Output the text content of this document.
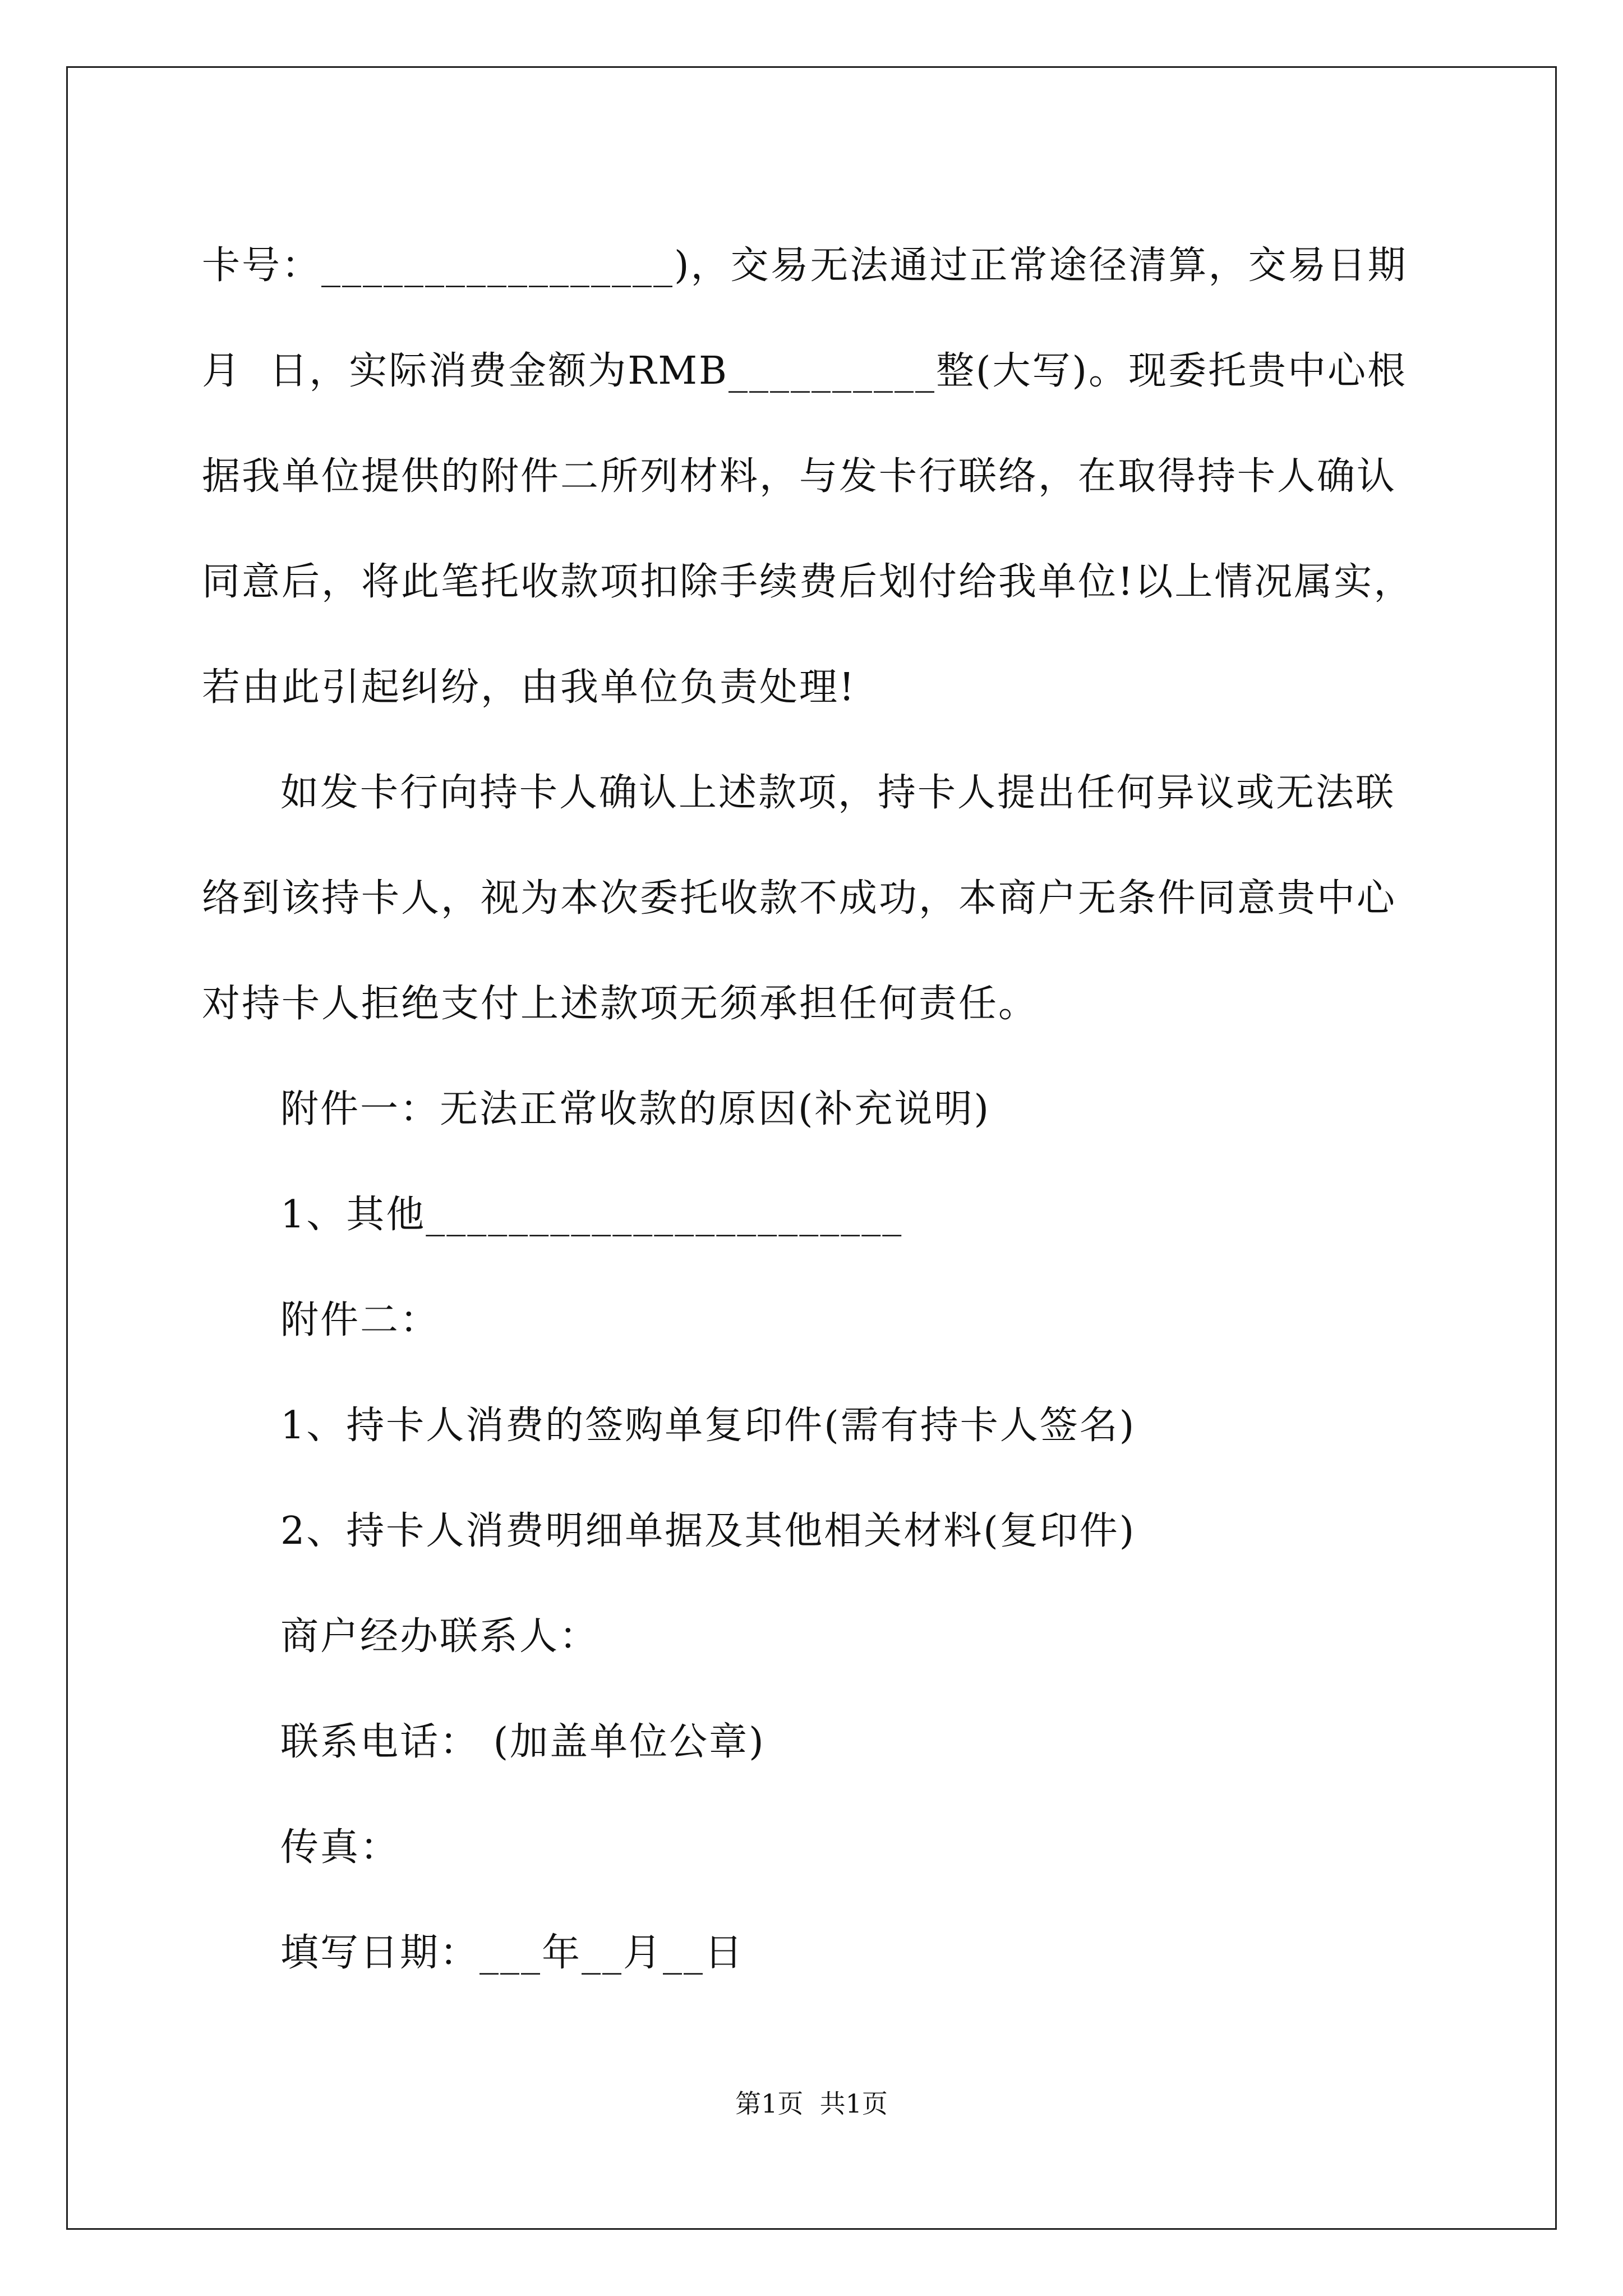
卡号：_________________)，交易无法通过正常途径清算，交易日期
月  日，实际消费金额为RMB__________整(大写)。现委托贵中心根
据我单位提供的附件二所列材料，与发卡行联络，在取得持卡人确认
同意后，将此笔托收款项扣除手续费后划付给我单位!以上情况属实，
若由此引起纠纷，由我单位负责处理!
如发卡行向持卡人确认上述款项，持卡人提出任何异议或无法联
络到该持卡人，视为本次委托收款不成功，本商户无条件同意贵中心
对持卡人拒绝支付上述款项无须承担任何责任。
附件一：无法正常收款的原因(补充说明)
1、其他_______________________
附件二：
1、持卡人消费的签购单复印件(需有持卡人签名)
2、持卡人消费明细单据及其他相关材料(复印件)
商户经办联系人：
联系电话： (加盖单位公章)
传真：
填写日期：___年__月__日
第1页  共1页
